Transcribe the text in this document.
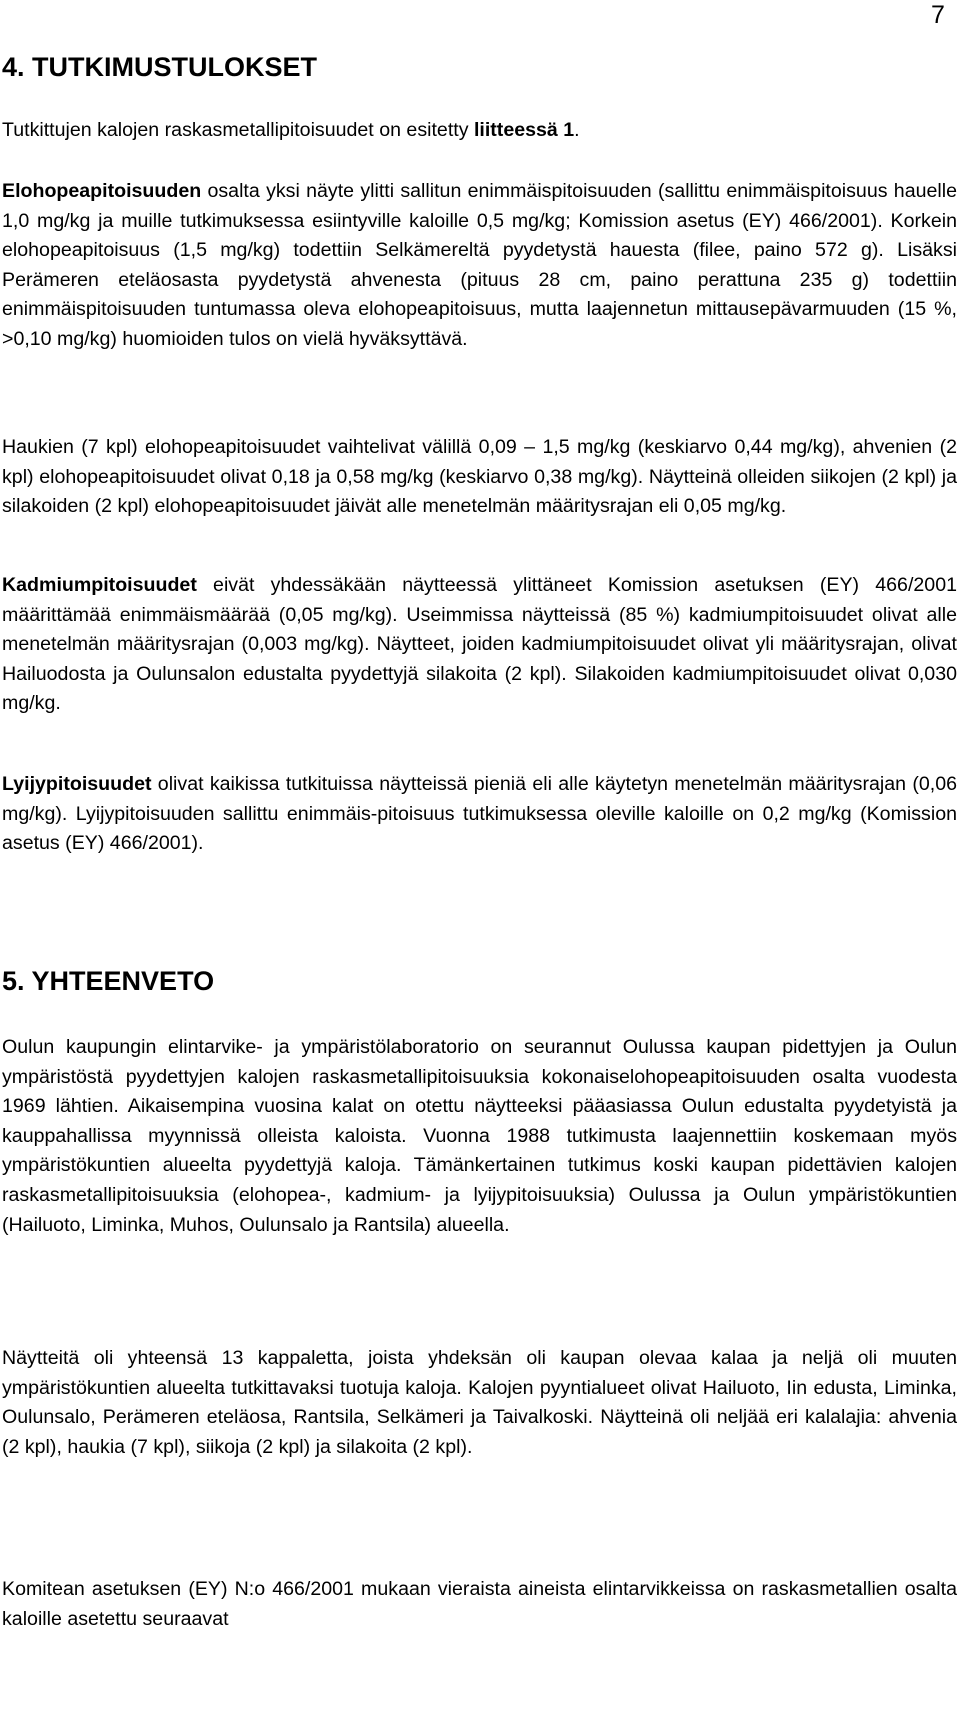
7
4. TUTKIMUSTULOKSET

Tutkittujen kalojen raskasmetallipitoisuudet on esitetty liitteessä 1.

Elohopeapitoisuuden osalta yksi näyte ylitti sallitun enimmäispitoisuuden (sallittu enimmäispitoisuus hauelle 1,0 mg/kg ja muille tutkimuksessa esiintyville kaloille 0,5 mg/kg; Komission asetus (EY) 466/2001). Korkein elohopeapitoisuus (1,5 mg/kg) todettiin Selkämereltä pyydetystä hauesta (filee, paino 572 g). Lisäksi Perämeren eteläosasta pyydetystä ahvenesta (pituus 28 cm, paino perattuna 235 g) todettiin enimmäispitoisuuden tuntumassa oleva elohopeapitoisuus, mutta laajennetun mittausepävarmuuden (15 %, >0,10 mg/kg) huomioiden tulos on vielä hyväksyttävä.

Haukien (7 kpl) elohopeapitoisuudet vaihtelivat välillä 0,09 – 1,5 mg/kg (keskiarvo 0,44 mg/kg), ahvenien (2 kpl) elohopeapitoisuudet olivat 0,18 ja 0,58 mg/kg (keskiarvo 0,38 mg/kg). Näytteinä olleiden siikojen (2 kpl) ja silakoiden (2 kpl) elohopeapitoisuudet jäivät alle menetelmän määritysrajan eli 0,05 mg/kg.

Kadmiumpitoisuudet eivät yhdessäkään näytteessä ylittäneet Komission asetuksen (EY) 466/2001 määrittämää enimmäismäärää (0,05 mg/kg). Useimmissa näytteissä (85 %) kadmiumpitoisuudet olivat alle menetelmän määritysrajan (0,003 mg/kg). Näytteet, joiden kadmiumpitoisuudet olivat yli määritysrajan, olivat Hailuodosta ja Oulunsalon edustalta pyydettyjä silakoita (2 kpl). Silakoiden kadmiumpitoisuudet olivat 0,030 mg/kg.

Lyijypitoisuudet olivat kaikissa tutkituissa näytteissä pieniä eli alle käytetyn menetelmän määritysrajan (0,06 mg/kg). Lyijypitoisuuden sallittu enimmäis-pitoisuus tutkimuksessa oleville kaloille on 0,2 mg/kg (Komission asetus (EY) 466/2001).

5. YHTEENVETO

Oulun kaupungin elintarvike- ja ympäristölaboratorio on seurannut Oulussa kaupan pidettyjen ja Oulun ympäristöstä pyydettyjen kalojen raskasmetallipitoisuuksia kokonaiselohopeapitoisuuden osalta vuodesta 1969 lähtien. Aikaisempina vuosina kalat on otettu näytteeksi pääasiassa Oulun edustalta pyydetyistä ja kauppahallissa myynnissä olleista kaloista. Vuonna 1988 tutkimusta laajennettiin koskemaan myös ympäristökuntien alueelta pyydettyjä kaloja. Tämänkertainen tutkimus koski kaupan pidettävien kalojen raskasmetallipitoisuuksia (elohopea-, kadmium- ja lyijypitoisuuksia) Oulussa ja Oulun ympäristökuntien (Hailuoto, Liminka, Muhos, Oulunsalo ja Rantsila) alueella.

Näytteitä oli yhteensä 13 kappaletta, joista yhdeksän oli kaupan olevaa kalaa ja neljä oli muuten ympäristökuntien alueelta tutkittavaksi tuotuja kaloja. Kalojen pyyntialueet olivat Hailuoto, Iin edusta, Liminka, Oulunsalo, Perämeren eteläosa, Rantsila, Selkämeri ja Taivalkoski. Näytteinä oli neljää eri kalalajia: ahvenia (2 kpl), haukia (7 kpl), siikoja (2 kpl) ja silakoita (2 kpl).

Komitean asetuksen (EY) N:o 466/2001 mukaan vieraista aineista elintarvikkeissa on raskasmetallien osalta kaloille asetettu seuraavat
